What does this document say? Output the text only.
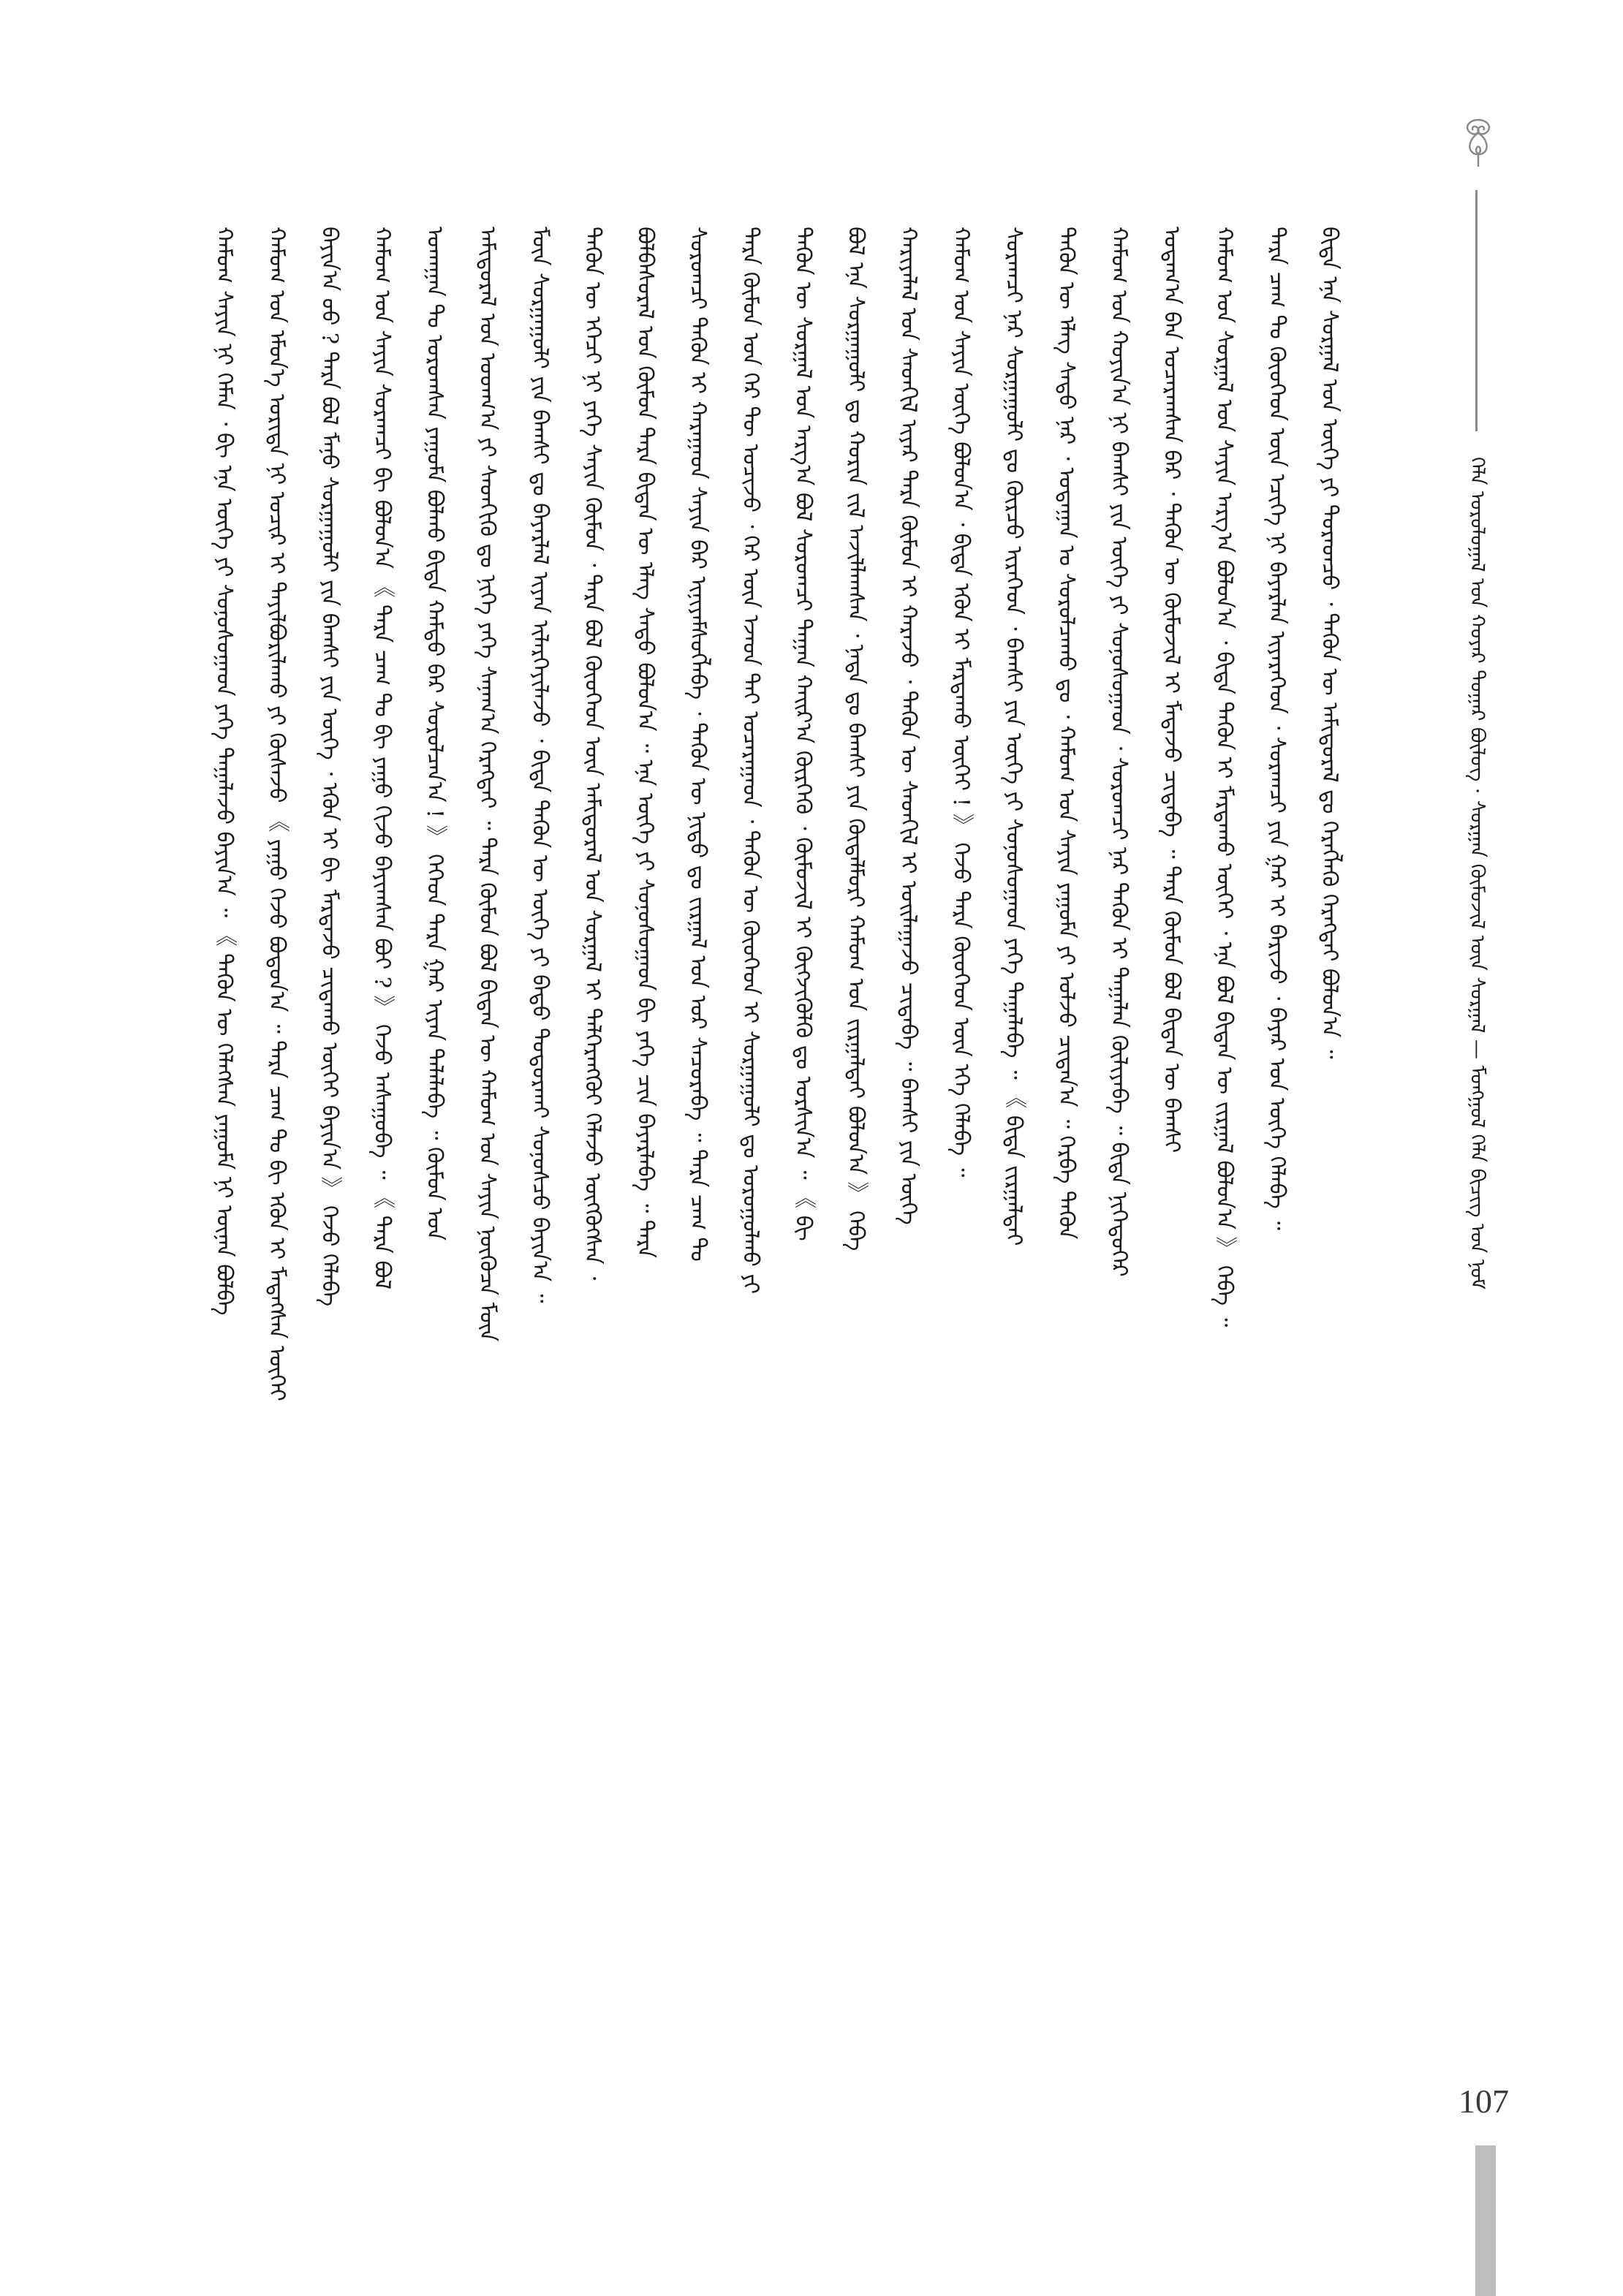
ᠬᠡᠯᠡ ᠤᠷᠤᠯᠤᠭᠠᠯ ᠤᠨ ᠬᠣᠶᠠᠷ ᠳᠤᠭᠠᠷ ᠪᠦᠯᠦᠭ · ᠰᠤᠷᠭᠠᠨ ᠬᠦᠮᠦᠵᠢᠯ ᠦᠨ ᠰᠤᠷᠭᠠᠯ — ᠮᠣᠩᠭᠣᠯ ᠬᠡᠯᠡ ᠪᠢᠴᠢᠭ᠌ ᠤᠨ ᠨᠣᠮ
ᠬᠠᠮᠤᠭ ᠰᠠᠶᠢᠨ ᠨᠢ ᠬᠡᠮᠡᠨ ᠂ ᠪᠢ ᠡᠨᠡ ᠦᠭᠡ ᠶᠢ ᠰᠣᠨᠣᠰᠣᠭᠠᠳ ᠶᠡᠬᠡ ᠲᠠᠭᠠᠯᠠᠵᠤ ᠪᠠᠶᠢᠨ᠎ᠠ ᠃ 《 ᠲᠡᠭᠦᠨ ᠦ ᠬᠡᠯᠡᠭᠰᠡᠨ ᠶᠠᠭᠤᠮᠠ ᠨᠢ ᠦᠨᠡᠨ ᠪᠣᠯᠪᠠ	ᠬᠠᠮᠤᠭ ᠤᠨ ᠡᠮᠦᠨ᠎ᠡ ᠤᠷᠢᠳᠠ ᠨᠢ ᠤᠴᠢᠷ ᠢ ᠲᠠᠶᠢᠯᠪᠤᠷᠢᠯᠠᠬᠤ ᠶᠢ ᠬᠦᠰᠡᠵᠦ 《 ᠶᠠᠭᠤ ᠭᠡᠵᠦ ᠪᠣᠳᠣᠨ᠎ᠠ ᠃ ᠲᠡᠷᠡ ᠴᠠᠭ ᠲᠤ ᠪᠢ ᠡᠭᠦᠨ ᠢ ᠮᠡᠳᠡᠭᠰᠡᠨ ᠦᠭᠡᠢ	ᠪᠠᠶᠢᠨ᠎ᠠ ᠤᠤ ? ᠲᠡᠷᠡ ᠪᠣᠯ ᠮᠠᠨᠤ ᠰᠤᠷᠭᠠᠭᠤᠯᠢ ᠶᠢᠨ ᠪᠠᠭᠰᠢ ᠶᠢᠨ ᠦᠭᠡ ᠂ ᠡᠭᠦᠨ ᠢ ᠪᠢ ᠮᠠᠷᠲᠠᠵᠤ ᠴᠢᠳᠠᠬᠤ ᠦᠭᠡᠢ ᠪᠠᠶᠢᠨ᠎ᠠ 》 ᠭᠡᠵᠦ ᠬᠡᠯᠡᠪᠡ	ᠬᠠᠮᠤᠭ ᠤᠨ ᠰᠠᠶᠢᠨ ᠰᠤᠷᠠᠭᠴᠢ ᠪᠢ ᠪᠣᠯᠣᠨ᠎ᠠ 《 ᠲᠡᠷᠡ ᠴᠠᠭ ᠲᠤ ᠪᠢ ᠶᠠᠭᠤ ᠬᠢᠵᠦ ᠪᠠᠶᠢᠭᠰᠠᠨ ᠪᠤᠢ ? 》 ᠭᠡᠵᠦ ᠠᠰᠠᠭᠤᠪᠠ ᠃ 《 ᠲᠡᠷᠡ ᠪᠣᠯ	ᠤᠬᠠᠭᠠᠨ ᠲᠤ ᠤᠷᠤᠭᠰᠠᠨ ᠶᠠᠭᠤᠮᠠ ᠪᠣᠯᠬᠤ ᠪᠢᠳᠡ ᠬᠠᠮᠲᠤ ᠪᠡᠷ ᠰᠤᠷᠤᠯᠴᠠᠨ᠎ᠠ ! 》 ᠭᠡᠭᠡᠳ ᠲᠡᠷᠡ ᠭᠠᠷ ᠢᠶᠠᠨ ᠳᠠᠯᠠᠯᠠᠪᠠ ᠃ ᠬᠦᠮᠦᠨ ᠤᠨ	ᠠᠮᠢᠳᠤᠷᠠᠯ ᠤᠨ ᠤᠳᠬ᠎ᠠ ᠶᠢ ᠰᠡᠳᠬᠢᠬᠦ ᠳᠤ ᠨᠢᠭᠡ ᠶᠡᠬᠡ ᠰᠠᠨᠠᠭ᠎ᠠ ᠬᠡᠷᠡᠭᠲᠡᠢ ᠃ ᠲᠡᠷᠡ ᠬᠦᠮᠦᠨ ᠪᠣᠯ ᠪᠢᠳᠡᠨ ᠦ ᠬᠠᠮᠤᠭ ᠤᠨ ᠰᠠᠶᠢᠨ ᠨᠥᠭᠦᠴᠡ ᠮᠥᠨ	ᠮᠥᠨ ᠰᠤᠷᠭᠠᠭᠤᠯᠢ ᠶᠢᠨ ᠪᠠᠭᠰᠢ ᠳᠤ ᠪᠠᠶᠠᠷᠯᠠᠯ ᠢᠶᠠᠨ ᠢᠯᠡᠷᠬᠡᠶᠢᠯᠡᠵᠦ ᠂ ᠪᠢᠳᠡ ᠲᠡᠭᠦᠨ ᠦ ᠦᠭᠡ ᠶᠢ ᠪᠠᠲᠤ ᠲᠤᠳᠤᠷᠬᠠᠶ ᠰᠣᠨᠣᠰᠴᠤ ᠪᠠᠶᠢᠨ᠎ᠠ ᠃	ᠲᠡᠭᠦᠨ ᠦ ᠡᠭᠡᠴᠢ ᠨᠢ ᠶᠡᠬᠡ ᠰᠠᠶᠢᠨ ᠬᠦᠮᠦᠨ ᠂ ᠲᠡᠷᠡ ᠪᠣᠯ ᠬᠦᠦᠬᠡᠳ ᠦᠨ ᠠᠮᠢᠳᠤᠷᠠᠯ ᠤᠨ ᠰᠤᠷᠭᠠᠯ ᠢ ᠳᠡᠯᠭᠡᠷᠡᠩᠭᠦᠢ ᠬᠡᠯᠡᠵᠦ ᠦᠭᠭᠦᠭᠰᠡᠨ ᠂	ᠪᠣᠯᠪᠠᠰᠤᠷᠠᠯ ᠤᠨ ᠬᠦᠮᠦᠨ ᠲᠡᠷᠡ ᠪᠢᠳᠡᠨ ᠦ ᠡᠯᠡᠭ ᠰᠠᠳᠤ ᠪᠣᠯᠤᠨ᠎ᠠ ᠃ ᠡᠨᠡ ᠦᠭᠡ ᠶᠢ ᠰᠣᠨᠣᠰᠤᠭᠠᠳ ᠪᠢ ᠶᠡᠬᠡ ᠴᠢᠨ ᠪᠠᠶᠠᠷᠯᠠᠪᠠ ᠃ ᠲᠡᠷᠡ	ᠰᠤᠷᠤᠭᠴᠢ ᠲᠡᠭᠦᠨ ᠢ ᠬᠠᠷᠠᠭᠠᠳ ᠰᠠᠶᠢᠨ ᠪᠡᠷ ᠢᠨᠢᠶᠡᠮᠰᠦᠭᠯᠡᠪᠡ ᠂ ᠲᠡᠭᠦᠨ ᠦ ᠨᠢᠳᠦ ᠳᠤ ᠵᠢᠷᠭᠠᠯ ᠤᠨ ᠤᠷ ᠰᠠᠴᠤᠷᠠᠪᠠ ᠃ ᠲᠡᠷᠡ ᠴᠠᠭ ᠲᠤ	ᠲᠡᠷᠡ ᠬᠦᠮᠦᠨ ᠤᠨ ᠭᠡᠷ ᠲᠦ ᠣᠴᠢᠵᠤ ᠂ ᠭᠡᠷ ᠦᠨ ᠡᠵᠡᠳ ᠲᠡᠢ ᠤᠴᠠᠷᠠᠭᠠᠳ ᠂ ᠲᠡᠭᠦᠨ ᠦ ᠬᠦᠦᠬᠡᠳ ᠢ ᠰᠤᠷᠭᠠᠭᠤᠯᠢ ᠳᠤ ᠣᠷᠤᠭᠤᠯᠬᠤ ᠶᠢ	ᠲᠡᠭᠦᠨ ᠦ ᠰᠤᠷᠭᠠᠯ ᠤᠨ ᠠᠷᠭ᠎ᠠ ᠪᠣᠯ ᠰᠤᠷᠤᠭᠴᠢ ᠳᠠᠭᠠᠨ ᠬᠠᠢᠷ᠎ᠠ ᠬᠦᠷᠭᠡᠬᠦ ᠂ ᠬᠦᠮᠦᠵᠢᠯ ᠢ ᠬᠥᠭᠵᠢᠭᠦᠯᠬᠦ ᠳᠤ ᠣᠷᠰᠢᠨ᠎ᠠ ᠃ 《 ᠪᠢ	ᠪᠣᠯ ᠡᠨᠡ ᠰᠤᠷᠭᠠᠭᠤᠯᠢ ᠳᠤ ᠬᠣᠷᠢᠨ ᠵᠢᠯ ᠠᠵᠢᠯᠯᠠᠭᠰᠠᠨ ᠂ ᠨᠠᠳᠠ ᠳᠤ ᠪᠠᠭᠰᠢ ᠶᠢᠨ ᠬᠥᠳᠡᠯᠮᠦᠷᠢ ᠬᠠᠮᠤᠭ ᠤᠨ ᠵᠢᠷᠭᠠᠯᠲᠠᠢ ᠪᠣᠯᠤᠨ᠎ᠠ 》 ᠭᠡᠪᠡ	ᠬᠠᠷᠢᠶᠠᠯᠠᠯ ᠤᠨ ᠰᠡᠳᠬᠢᠯ ᠢᠶᠡᠷ ᠲᠡᠷᠡ ᠬᠦᠮᠦᠨ ᠢ ᠬᠠᠷᠠᠵᠤ ᠂ ᠲᠡᠭᠦᠨ ᠦ ᠰᠡᠳᠬᠢᠯ ᠢ ᠣᠢᠯᠠᠭᠠᠵᠤ ᠴᠢᠳᠠᠪᠠ ᠃ ᠪᠠᠭᠰᠢ ᠶᠢᠨ ᠦᠭᠡ	ᠬᠠᠮᠤᠭ ᠤᠨ ᠰᠠᠶᠢᠨ ᠦᠭᠡ ᠪᠣᠯᠤᠨ᠎ᠠ ᠂ ᠪᠢᠳᠡ ᠡᠭᠦᠨ ᠢ ᠮᠠᠷᠲᠠᠬᠤ ᠦᠭᠡᠢ ! 》 ᠭᠡᠵᠦ ᠲᠡᠷᠡ ᠬᠦᠦᠬᠡᠳ ᠦᠨ ᠡᠬᠡ ᠬᠡᠯᠡᠪᠡ ᠃	ᠰᠤᠷᠠᠭᠴᠢ ᠨᠠᠷ ᠰᠤᠷᠭᠠᠭᠤᠯᠢ ᠳᠤ ᠬᠦᠷᠴᠦ ᠢᠷᠡᠭᠡᠳ ᠂ ᠪᠠᠭᠰᠢ ᠶᠢᠨ ᠦᠭᠡ ᠶᠢ ᠰᠣᠨᠣᠰᠤᠭᠠᠳ ᠶᠡᠬᠡ ᠲᠠᠭᠠᠯᠠᠪᠠ ᠃ 《 ᠪᠢᠳᠡ ᠵᠢᠷᠭᠠᠯᠲᠠᠢ	ᠲᠡᠭᠦᠨ ᠦ ᠡᠯᠡᠭ ᠰᠠᠳᠤ ᠨᠠᠷ ᠂ ᠤᠳᠠᠭᠠᠨ ᠤ ᠰᠤᠷᠤᠯᠴᠠᠬᠤ ᠳᠤ ᠂ ᠬᠠᠮᠤᠭ ᠤᠨ ᠰᠠᠶᠢᠨ ᠶᠠᠭᠤᠮᠠ ᠶᠢ ᠣᠯᠵᠤ ᠴᠢᠳᠠᠨ᠎ᠠ ᠃ ᠬᠡᠷᠪᠡ ᠲᠡᠭᠦᠨ	ᠬᠠᠮᠤᠭ ᠤᠨ ᠬᠣᠶᠢᠨ᠎ᠠ ᠨᠢ ᠪᠠᠭᠰᠢ ᠶᠢᠨ ᠦᠭᠡ ᠶᠢ ᠰᠣᠨᠣᠰᠤᠭᠠᠳ ᠂ ᠰᠤᠷᠤᠭᠴᠢ ᠨᠠᠷ ᠲᠡᠭᠦᠨ ᠢ ᠲᠠᠭᠠᠯᠠᠨ ᠬᠦᠯᠢᠶᠡᠪᠡ ᠃ ᠪᠢᠳᠡ ᠨᠢᠭᠡᠳᠦᠭᠡᠷ	ᠤᠳᠠᠭ᠎ᠠ ᠪᠠᠨ ᠤᠴᠠᠷᠠᠭᠰᠠᠨ ᠪᠡᠷ ᠂ ᠲᠡᠭᠦᠨ ᠦ ᠬᠦᠮᠦᠵᠢᠯ ᠢ ᠮᠡᠳᠡᠵᠦ ᠴᠢᠳᠠᠪᠠ ᠃ ᠲᠡᠷᠡ ᠬᠦᠮᠦᠨ ᠪᠣᠯ ᠪᠢᠳᠡᠨ ᠦ ᠪᠠᠭᠰᠢ	ᠬᠠᠮᠤᠭ ᠤᠨ ᠰᠤᠷᠭᠠᠯ ᠤᠨ ᠰᠠᠶᠢᠨ ᠠᠷᠭ᠎ᠠ ᠪᠣᠯᠤᠨ᠎ᠠ ᠂ ᠪᠢᠳᠡ ᠲᠡᠭᠦᠨ ᠢ ᠮᠠᠷᠲᠠᠬᠤ ᠦᠭᠡᠢ ᠂ ᠡᠨᠡ ᠪᠣᠯ ᠪᠢᠳᠡᠨ ᠦ ᠵᠢᠷᠭᠠᠯ ᠪᠣᠯᠤᠨ᠎ᠠ 》 ᠭᠡᠪᠡ ᠃	ᠲᠡᠷᠡ ᠴᠠᠭ ᠲᠤ ᠬᠦᠦᠬᠡᠳ ᠦᠨ ᠡᠴᠢᠭᠡ ᠨᠢ ᠪᠠᠶᠠᠷᠯᠠᠨ ᠢᠶᠡᠷᠡᠭᠡᠳ ᠂ ᠰᠤᠷᠠᠭᠴᠢ ᠶᠢᠨ ᠭᠠᠷ ᠢ ᠪᠠᠷᠢᠵᠤ ᠂ ᠪᠠᠶᠠᠷ ᠤᠨ ᠦᠭᠡ ᠬᠡᠯᠡᠪᠡ ᠃	ᠪᠢᠳᠡ ᠡᠨᠡ ᠰᠤᠷᠭᠠᠯ ᠤᠨ ᠦᠭᠡ ᠶᠢ ᠳᠤᠷᠠᠳᠴᠤ ᠂ ᠲᠡᠭᠦᠨ ᠦ ᠠᠮᠢᠳᠤᠷᠠᠯ ᠳᠤ ᠬᠡᠷᠡᠭᠯᠡᠬᠦ ᠬᠡᠷᠡᠭᠲᠡᠢ ᠪᠣᠯᠤᠨ᠎ᠠ ᠃
107
